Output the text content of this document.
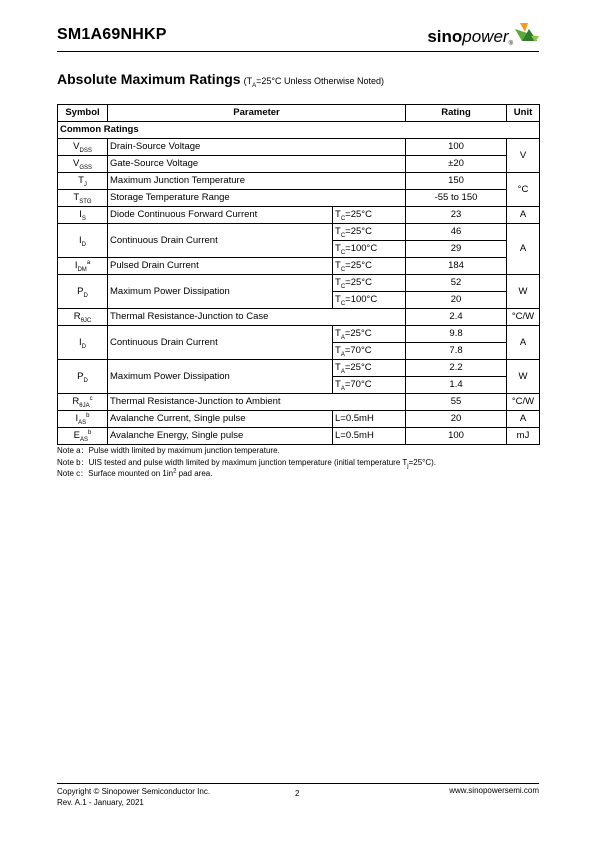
SM1A69NHKP	sinopower®
Absolute Maximum Ratings ($T_A=25^\circ C$ Unless Otherwise Noted)
Symbol	Parameter		Rating	Unit
Common Ratings				
$V_{DSS}$	Drain-Source Voltage		100	V
$V_{GSS}$	Gate-Source Voltage		±20	
$T_J$	Maximum Junction Temperature		150	°C
$T_{STG}$	Storage Temperature Range		-55 to 150	
$I_S$	Diode Continuous Forward Current	$T_C=25^\circ C$	23	A
$I_D$	Continuous Drain Current	$T_C=25^\circ C$	46	A
		$T_C=100^\circ C$	29	
$I_{DM}^a$	Pulsed Drain Current	$T_C=25^\circ C$	184	
$P_D$	Maximum Power Dissipation	$T_C=25^\circ C$	52	W
		$T_C=100^\circ C$	20	
$R_{\theta JC}$	Thermal Resistance-Junction to Case		2.4	°C/W
$I_D$	Continuous Drain Current	$T_A=25^\circ C$	9.8	A
		$T_A=70^\circ C$	7.8	
$P_D$	Maximum Power Dissipation	$T_A=25^\circ C$	2.2	W
		$T_A=70^\circ C$	1.4	
$R_{\theta JA}^c$	Thermal Resistance-Junction to Ambient		55	°C/W
$I_{AS}^b$	Avalanche Current, Single pulse	L=0.5mH	20	A
$E_{AS}^b$	Avalanche Energy, Single pulse	L=0.5mH	100	mJ
Note a：Pulse width limited by maximum junction temperature.
Note b：UIS tested and pulse width limited by maximum junction temperature (initial temperature $T_j=25^\circ C$).
Note c：Surface mounted on $1in^2$ pad area.
Copyright © Sinopower Semiconductor Inc.
Rev. A.1 - January, 2021
2	www.sinopowersemi.com
